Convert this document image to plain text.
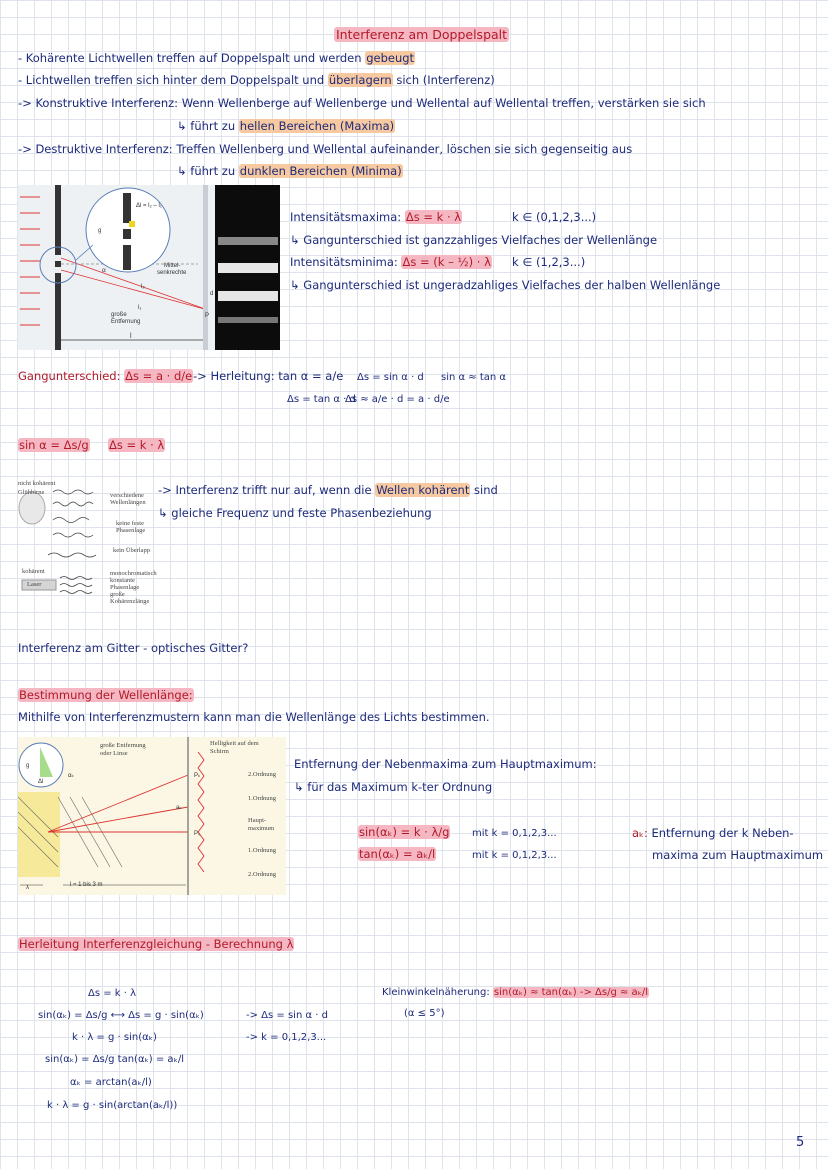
Interferenz am Doppelspalt
- Kohärente Lichtwellen treffen auf Doppelspalt und werden gebeugt
- Lichtwellen treffen sich hinter dem Doppelspalt und überlagern sich (Interferenz)
-> Konstruktive Interferenz: Wenn Wellenberge auf Wellenberge und Wellental auf Wellental treffen, verstärken sie sich
↳ führt zu hellen Bereichen (Maxima)
-> Destruktive Interferenz: Treffen Wellenberg und Wellental aufeinander, löschen sie sich gegenseitig aus
↳ führt zu dunklen Bereichen (Minima)
l
Δl = l₂ – l₁
g
α
l₂
l₁
Mittel-
senkrechte
große
Entfernung
d
P
Intensitätsmaxima: Δs = k · λ	k ∈ (0,1,2,3...)
↳ Gangunterschied ist ganzzahliges Vielfaches der Wellenlänge
Intensitätsminima: Δs = (k – ½) · λ k ∈ (1,2,3...)
↳ Gangunterschied ist ungeradzahliges Vielfaches der halben Wellenlänge
Gangunterschied: Δs = a · d/e -> Herleitung: tan α = a/e Δs = sin α · d sin α ≈ tan α
Δs = tan α · d
Δs ≈ a/e · d = a · d/e
sin α = Δs/g Δs = k · λ
nicht kohärent
Glühbirne	verschiedene
Wellenlängen
keine feste
Phasenlage
kein Überlapp
kohärent
Laser
monochromatisch
konstante
Phasenlage
große
Kohärenzlänge
-> Interferenz trifft nur auf, wenn die Wellen kohärent sind
↳ gleiche Frequenz und feste Phasenbeziehung
Interferenz am Gitter - optisches Gitter?
Bestimmung der Wellenlänge:
Mithilfe von Interferenzmustern kann man die Wellenlänge des Lichts bestimmen.
l = 1 bis 3 m
λ
Pₖ
P₀
aₖ
αₖ
g
Δl
große Entfernung
oder Linse
Helligkeit auf dem
Schirm
2.Ordnung
1.Ordnung
Haupt-
maximum
1.Ordnung
2.Ordnung
Entfernung der Nebenmaxima zum Hauptmaximum:
↳ für das Maximum k-ter Ordnung
sin(αₖ) = k · λ/g mit k = 0,1,2,3...
tan(αₖ) = aₖ/l	mit k = 0,1,2,3...
aₖ: Entfernung der k Neben-
maxima zum Hauptmaximum
Herleitung Interferenzgleichung - Berechnung λ
Δs = k · λ
sin(αₖ) = Δs/g ⟷ Δs = g · sin(αₖ)
k · λ = g · sin(αₖ)
sin(αₖ) = Δs/g tan(αₖ) = aₖ/l
αₖ = arctan(aₖ/l)
k · λ = g · sin(arctan(aₖ/l))
-> Δs = sin α · d
-> k = 0,1,2,3...
Kleinwinkelnäherung: sin(αₖ) ≈ tan(αₖ) -> Δs/g ≈ aₖ/l
(α ≤ 5°)
5
